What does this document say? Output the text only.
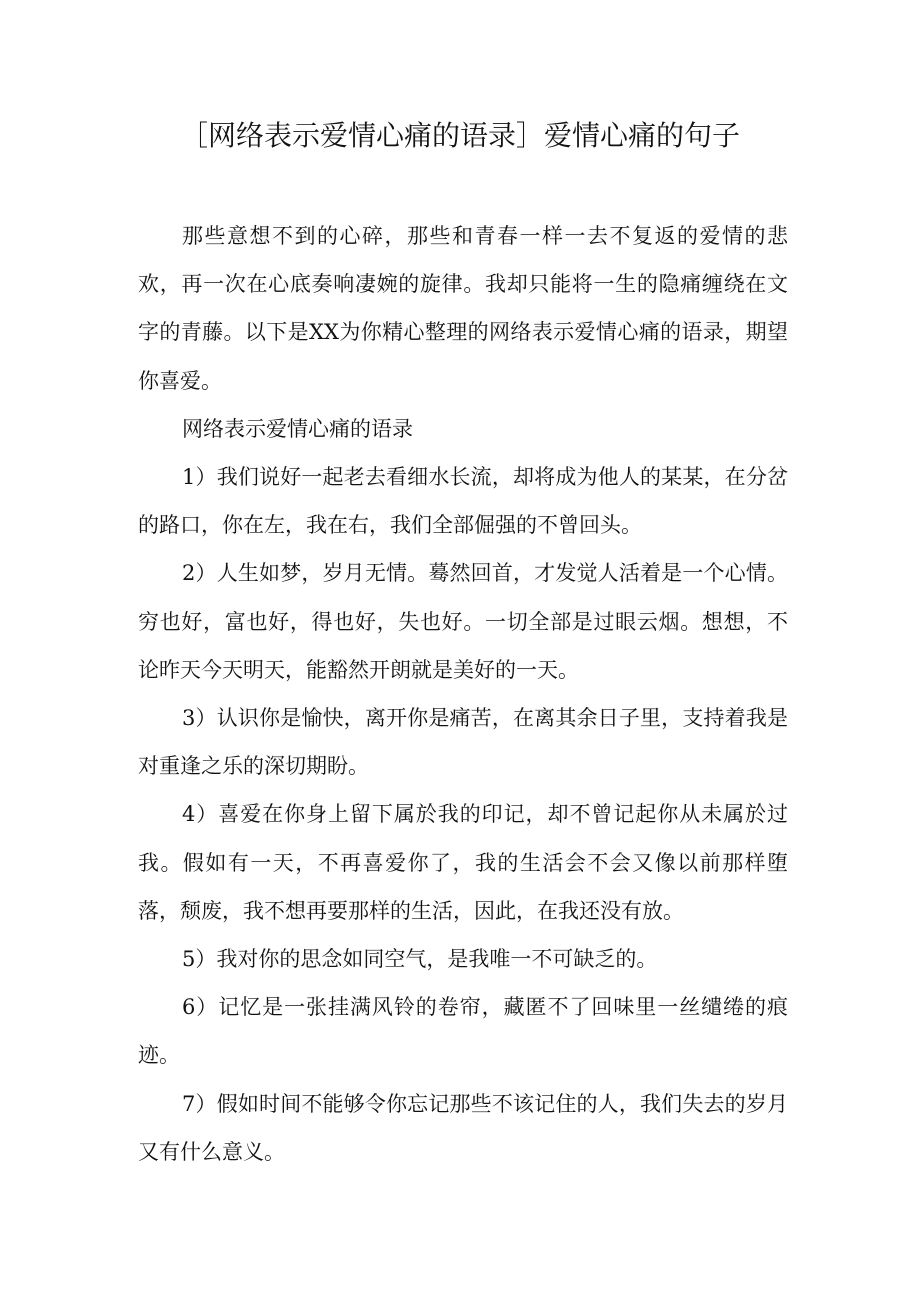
［网络表示爱情心痛的语录］爱情心痛的句子

那些意想不到的心碎，那些和青春一样一去不复返的爱情的悲欢，再一次在心底奏响凄婉的旋律。我却只能将一生的隐痛缠绕在文字的青藤。以下是XX为你精心整理的网络表示爱情心痛的语录，期望你喜爱。

网络表示爱情心痛的语录

1）我们说好一起老去看细水长流，却将成为他人的某某，在分岔的路口，你在左，我在右，我们全部倔强的不曾回头。

2）人生如梦，岁月无情。蓦然回首，才发觉人活着是一个心情。穷也好，富也好，得也好，失也好。一切全部是过眼云烟。想想，不论昨天今天明天，能豁然开朗就是美好的一天。

3）认识你是愉快，离开你是痛苦，在离其余日子里，支持着我是对重逢之乐的深切期盼。

4）喜爱在你身上留下属於我的印记，却不曾记起你从未属於过我。假如有一天，不再喜爱你了，我的生活会不会又像以前那样堕落，颓废，我不想再要那样的生活，因此，在我还没有放。

5）我对你的思念如同空气，是我唯一不可缺乏的。

6）记忆是一张挂满风铃的卷帘，藏匿不了回味里一丝缱绻的痕迹。

7）假如时间不能够令你忘记那些不该记住的人，我们失去的岁月又有什么意义。
